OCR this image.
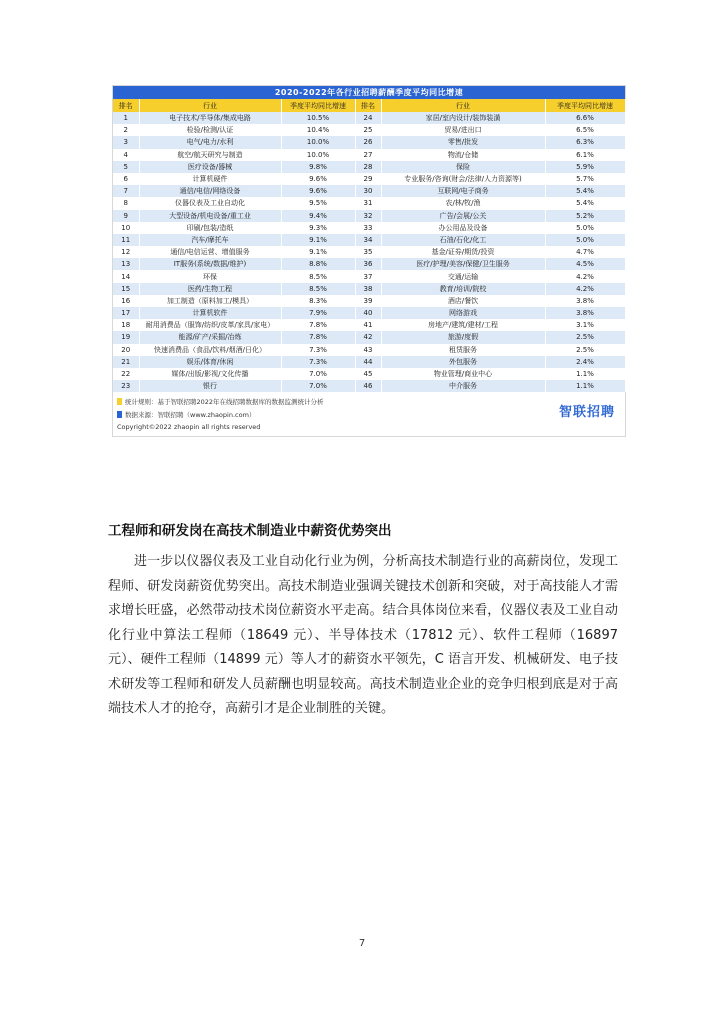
2020-2022年各行业招聘薪酬季度平均同比增速
排名	行业	季度平均同比增速	排名	行业	季度平均同比增速
1	电子技术/半导体/集成电路	10.5%	24	家居/室内设计/装饰装潢	6.6%
2	检验/检测/认证	10.4%	25	贸易/进出口	6.5%
3	电气/电力/水利	10.0%	26	零售/批发	6.3%
4	航空/航天研究与制造	10.0%	27	物流/仓储	6.1%
5	医疗设备/器械	9.8%	28	保险	5.9%
6	计算机硬件	9.6%	29	专业服务/咨询(财会/法律/人力资源等)	5.7%
7	通信/电信/网络设备	9.6%	30	互联网/电子商务	5.4%
8	仪器仪表及工业自动化	9.5%	31	农/林/牧/渔	5.4%
9	大型设备/机电设备/重工业	9.4%	32	广告/会展/公关	5.2%
10	印刷/包装/造纸	9.3%	33	办公用品及设备	5.0%
11	汽车/摩托车	9.1%	34	石油/石化/化工	5.0%
12	通信/电信运营、增值服务	9.1%	35	基金/证券/期货/投资	4.7%
13	IT服务(系统/数据/维护)	8.8%	36	医疗/护理/美容/保健/卫生服务	4.5%
14	环保	8.5%	37	交通/运输	4.2%
15	医药/生物工程	8.5%	38	教育/培训/院校	4.2%
16	加工制造（原料加工/模具）	8.3%	39	酒店/餐饮	3.8%
17	计算机软件	7.9%	40	网络游戏	3.8%
18	耐用消费品（服饰/纺织/皮革/家具/家电）	7.8%	41	房地产/建筑/建材/工程	3.1%
19	能源/矿产/采掘/冶炼	7.8%	42	旅游/度假	2.5%
20	快速消费品（食品/饮料/烟酒/日化）	7.3%	43	租赁服务	2.5%
21	娱乐/体育/休闲	7.3%	44	外包服务	2.4%
22	媒体/出版/影视/文化传播	7.0%	45	物业管理/商业中心	1.1%
23	银行	7.0%	46	中介服务	1.1%
统计规则：基于智联招聘2022年在线招聘数据库的数据监测统计分析
数据来源：智联招聘（www.zhaopin.com）
Copyright©2022 zhaopin all rights reserved
智联招聘
工程师和研发岗在高技术制造业中薪资优势突出

进一步以仪器仪表及工业自动化行业为例，分析高技术制造行业的高薪岗位，发现工程师、研发岗薪资优势突出。高技术制造业强调关键技术创新和突破，对于高技能人才需求增长旺盛，必然带动技术岗位薪资水平走高。结合具体岗位来看，仪器仪表及工业自动化行业中算法工程师（18649 元）、半导体技术（17812 元）、软件工程师（16897 元）、硬件工程师（14899 元）等人才的薪资水平领先，C 语言开发、机械研发、电子技术研发等工程师和研发人员薪酬也明显较高。高技术制造业企业的竞争归根到底是对于高端技术人才的抢夺，高薪引才是企业制胜的关键。

7
